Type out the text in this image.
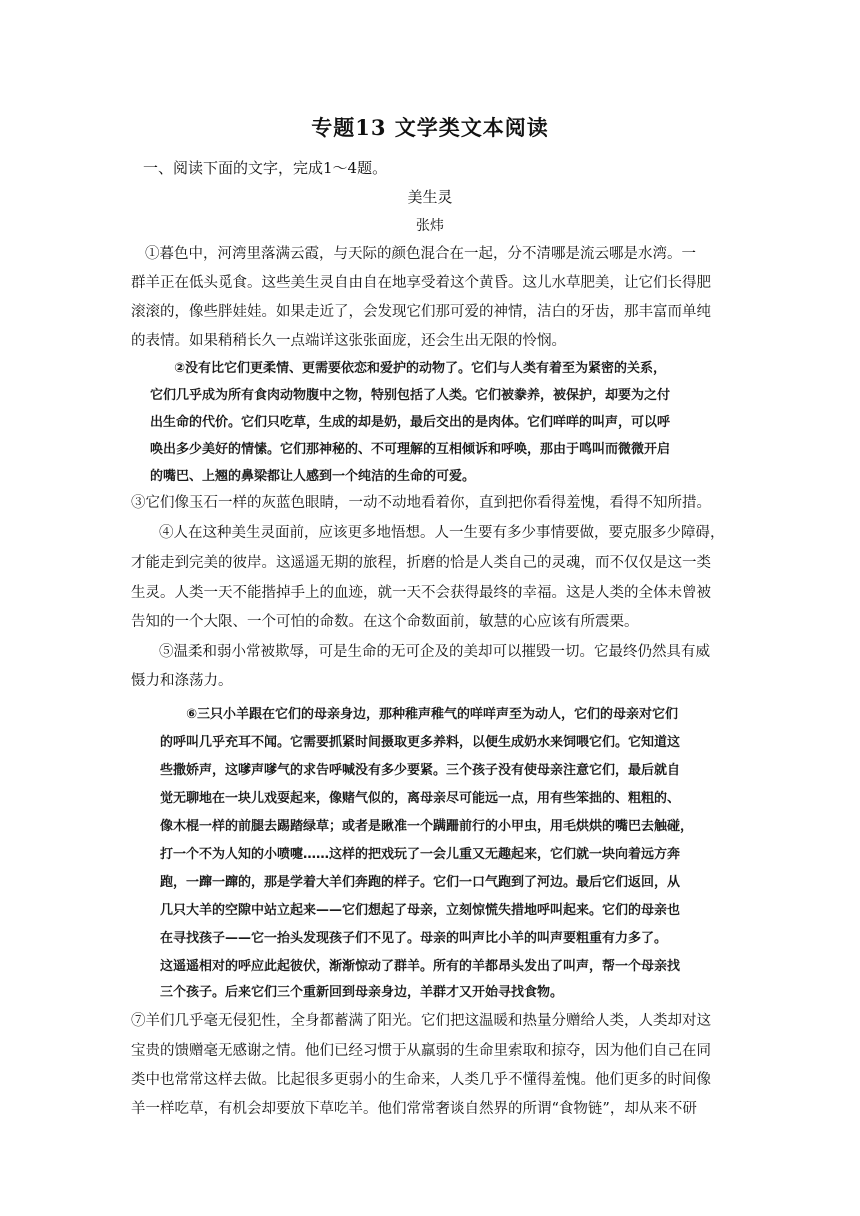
专题13 文学类文本阅读
一、阅读下面的文字，完成1～4题。
美生灵
张炜
①暮色中，河湾里落满云霞，与天际的颜色混合在一起，分不清哪是流云哪是水湾。一
群羊正在低头觅食。这些美生灵自由自在地享受着这个黄昏。这儿水草肥美，让它们长得肥
滚滚的，像些胖娃娃。如果走近了，会发现它们那可爱的神情，洁白的牙齿，那丰富而单纯
的表情。如果稍稍长久一点端详这张张面庞，还会生出无限的怜悯。
②没有比它们更柔情、更需要依恋和爱护的动物了。它们与人类有着至为紧密的关系，
它们几乎成为所有食肉动物腹中之物，特别包括了人类。它们被豢养，被保护，却要为之付
出生命的代价。它们只吃草，生成的却是奶，最后交出的是肉体。它们咩咩的叫声，可以呼
唤出多少美好的情愫。它们那神秘的、不可理解的互相倾诉和呼唤，那由于鸣叫而微微开启
的嘴巴、上翘的鼻梁都让人感到一个纯洁的生命的可爱。
③它们像玉石一样的灰蓝色眼睛，一动不动地看着你，直到把你看得羞愧，看得不知所措。
④人在这种美生灵面前，应该更多地悟想。人一生要有多少事情要做，要克服多少障碍，
才能走到完美的彼岸。这遥遥无期的旅程，折磨的恰是人类自己的灵魂，而不仅仅是这一类
生灵。人类一天不能揩掉手上的血迹，就一天不会获得最终的幸福。这是人类的全体未曾被
告知的一个大限、一个可怕的命数。在这个命数面前，敏慧的心应该有所震栗。
⑤温柔和弱小常被欺辱，可是生命的无可企及的美却可以摧毁一切。它最终仍然具有威
慑力和涤荡力。
⑥三只小羊跟在它们的母亲身边，那种稚声稚气的咩咩声至为动人，它们的母亲对它们
的呼叫几乎充耳不闻。它需要抓紧时间摄取更多养料，以便生成奶水来饲喂它们。它知道这
些撒娇声，这嗲声嗲气的求告呼喊没有多少要紧。三个孩子没有使母亲注意它们，最后就自
觉无聊地在一块儿戏耍起来，像赌气似的，离母亲尽可能远一点，用有些笨拙的、粗粗的、
像木棍一样的前腿去踢踏绿草；或者是瞅准一个蹒跚前行的小甲虫，用毛烘烘的嘴巴去触碰，
打一个不为人知的小喷嚏……这样的把戏玩了一会儿重又无趣起来，它们就一块向着远方奔
跑，一蹿一蹿的，那是学着大羊们奔跑的样子。它们一口气跑到了河边。最后它们返回，从
几只大羊的空隙中站立起来——它们想起了母亲，立刻惊慌失措地呼叫起来。它们的母亲也
在寻找孩子——它一抬头发现孩子们不见了。母亲的叫声比小羊的叫声要粗重有力多了。
这遥遥相对的呼应此起彼伏，渐渐惊动了群羊。所有的羊都昂头发出了叫声，帮一个母亲找
三个孩子。后来它们三个重新回到母亲身边，羊群才又开始寻找食物。
⑦羊们几乎毫无侵犯性，全身都蓄满了阳光。它们把这温暖和热量分赠给人类，人类却对这
宝贵的馈赠毫无感谢之情。他们已经习惯于从羸弱的生命里索取和掠夺，因为他们自己在同
类中也常常这样去做。比起很多更弱小的生命来，人类几乎不懂得羞愧。他们更多的时间像
羊一样吃草，有机会却要放下草吃羊。他们常常奢谈自然界的所谓“食物链”，却从来不研
